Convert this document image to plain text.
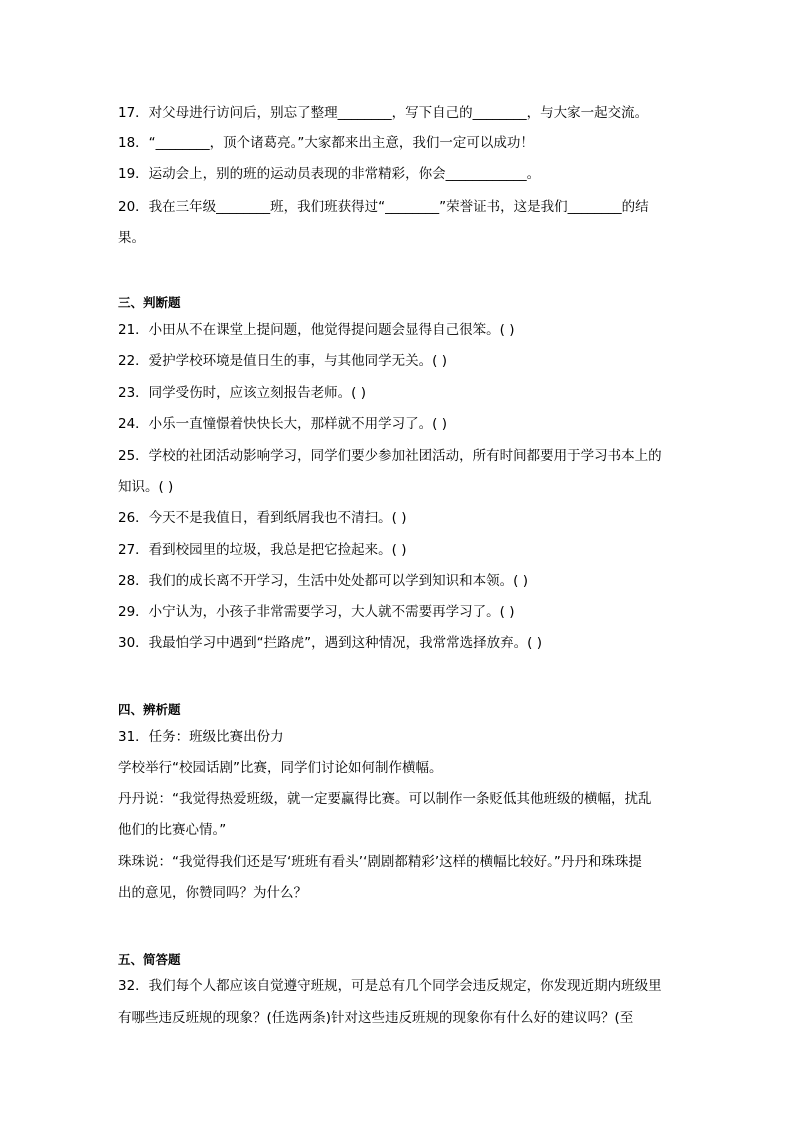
17．对父母进行访问后，别忘了整理________，写下自己的________，与大家一起交流。
18．“________，顶个诸葛亮。”大家都来出主意，我们一定可以成功！
19．运动会上，别的班的运动员表现的非常精彩，你会____________。
20．我在三年级________班，我们班获得过“________”荣誉证书，这是我们________的结
果。
三、判断题
21．小田从不在课堂上提问题，他觉得提问题会显得自己很笨。( )
22．爱护学校环境是值日生的事，与其他同学无关。( )
23．同学受伤时，应该立刻报告老师。( )
24．小乐一直憧憬着快快长大，那样就不用学习了。( )
25．学校的社团活动影响学习，同学们要少参加社团活动，所有时间都要用于学习书本上的
知识。( )
26．今天不是我值日，看到纸屑我也不清扫。( )
27．看到校园里的垃圾，我总是把它捡起来。( )
28．我们的成长离不开学习，生活中处处都可以学到知识和本领。( )
29．小宁认为，小孩子非常需要学习，大人就不需要再学习了。( )
30．我最怕学习中遇到“拦路虎”，遇到这种情况，我常常选择放弃。( )
四、辨析题
31．任务：班级比赛出份力
学校举行“校园话剧”比赛，同学们讨论如何制作横幅。
丹丹说：“我觉得热爱班级，就一定要赢得比赛。可以制作一条贬低其他班级的横幅，扰乱
他们的比赛心情。”
珠珠说：“我觉得我们还是写‘班班有看头’‘剧剧都精彩’这样的横幅比较好。”丹丹和珠珠提
出的意见，你赞同吗？为什么？
五、简答题
32．我们每个人都应该自觉遵守班规，可是总有几个同学会违反规定，你发现近期内班级里
有哪些违反班规的现象？(任选两条)针对这些违反班规的现象你有什么好的建议吗？(至
